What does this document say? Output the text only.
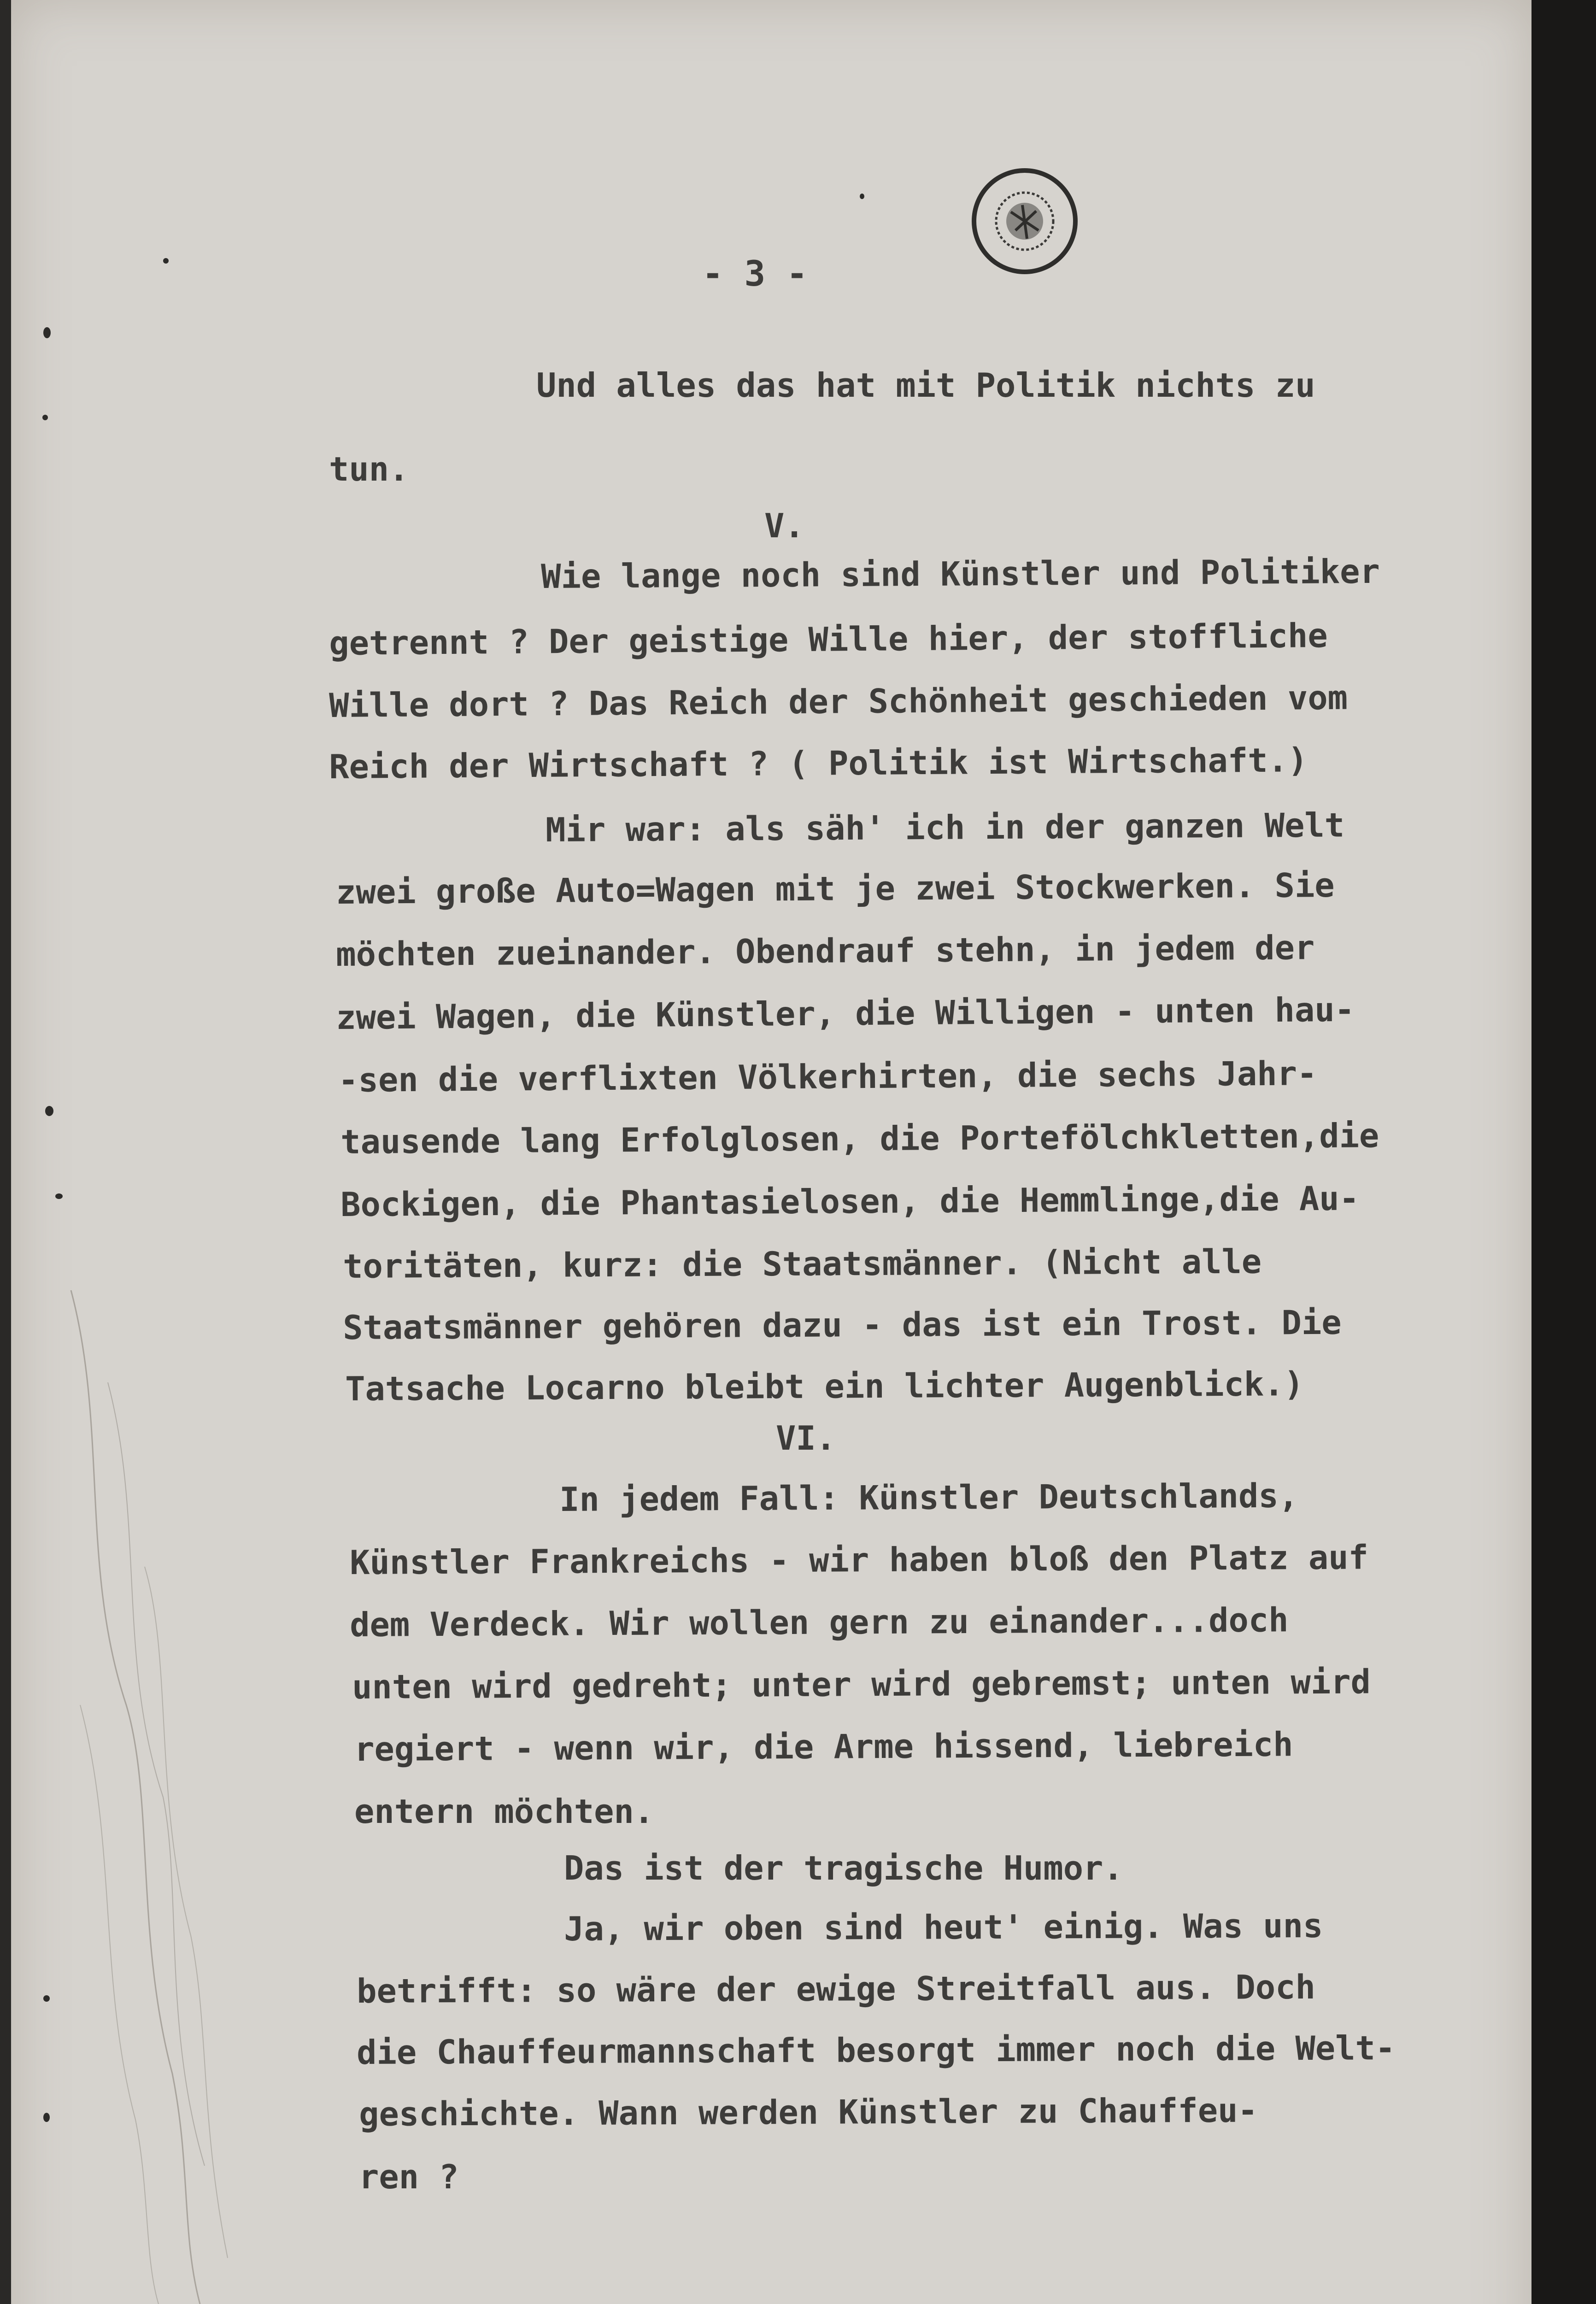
- 3 -
Und alles das hat mit Politik nichts zu
tun.
V.
Wie lange noch sind Künstler und Politiker
getrennt ? Der geistige Wille hier, der stoffliche
Wille dort ? Das Reich der Schönheit geschieden vom
Reich der Wirtschaft ? ( Politik ist Wirtschaft.)
Mir war: als säh' ich in der ganzen Welt
zwei große Auto=Wagen mit je zwei Stockwerken. Sie
möchten zueinander. Obendrauf stehn, in jedem der
zwei Wagen, die Künstler, die Willigen - unten hau-
-sen die verflixten Völkerhirten, die sechs Jahr-
tausende lang Erfolglosen, die Portefölchkletten,die
Bockigen, die Phantasielosen, die Hemmlinge,die Au-
toritäten, kurz: die Staatsmänner. (Nicht alle
Staatsmänner gehören dazu - das ist ein Trost. Die
Tatsache Locarno bleibt ein lichter Augenblick.)
VI.
In jedem Fall: Künstler Deutschlands,
Künstler Frankreichs - wir haben bloß den Platz auf
dem Verdeck. Wir wollen gern zu einander...doch
unten wird gedreht; unter wird gebremst; unten wird
regiert - wenn wir, die Arme hissend, liebreich
entern möchten.
Das ist der tragische Humor.
Ja, wir oben sind heut' einig. Was uns
betrifft: so wäre der ewige Streitfall aus. Doch
die Chauffeurmannschaft besorgt immer noch die Welt-
geschichte. Wann werden Künstler zu Chauffeu-
ren ?
